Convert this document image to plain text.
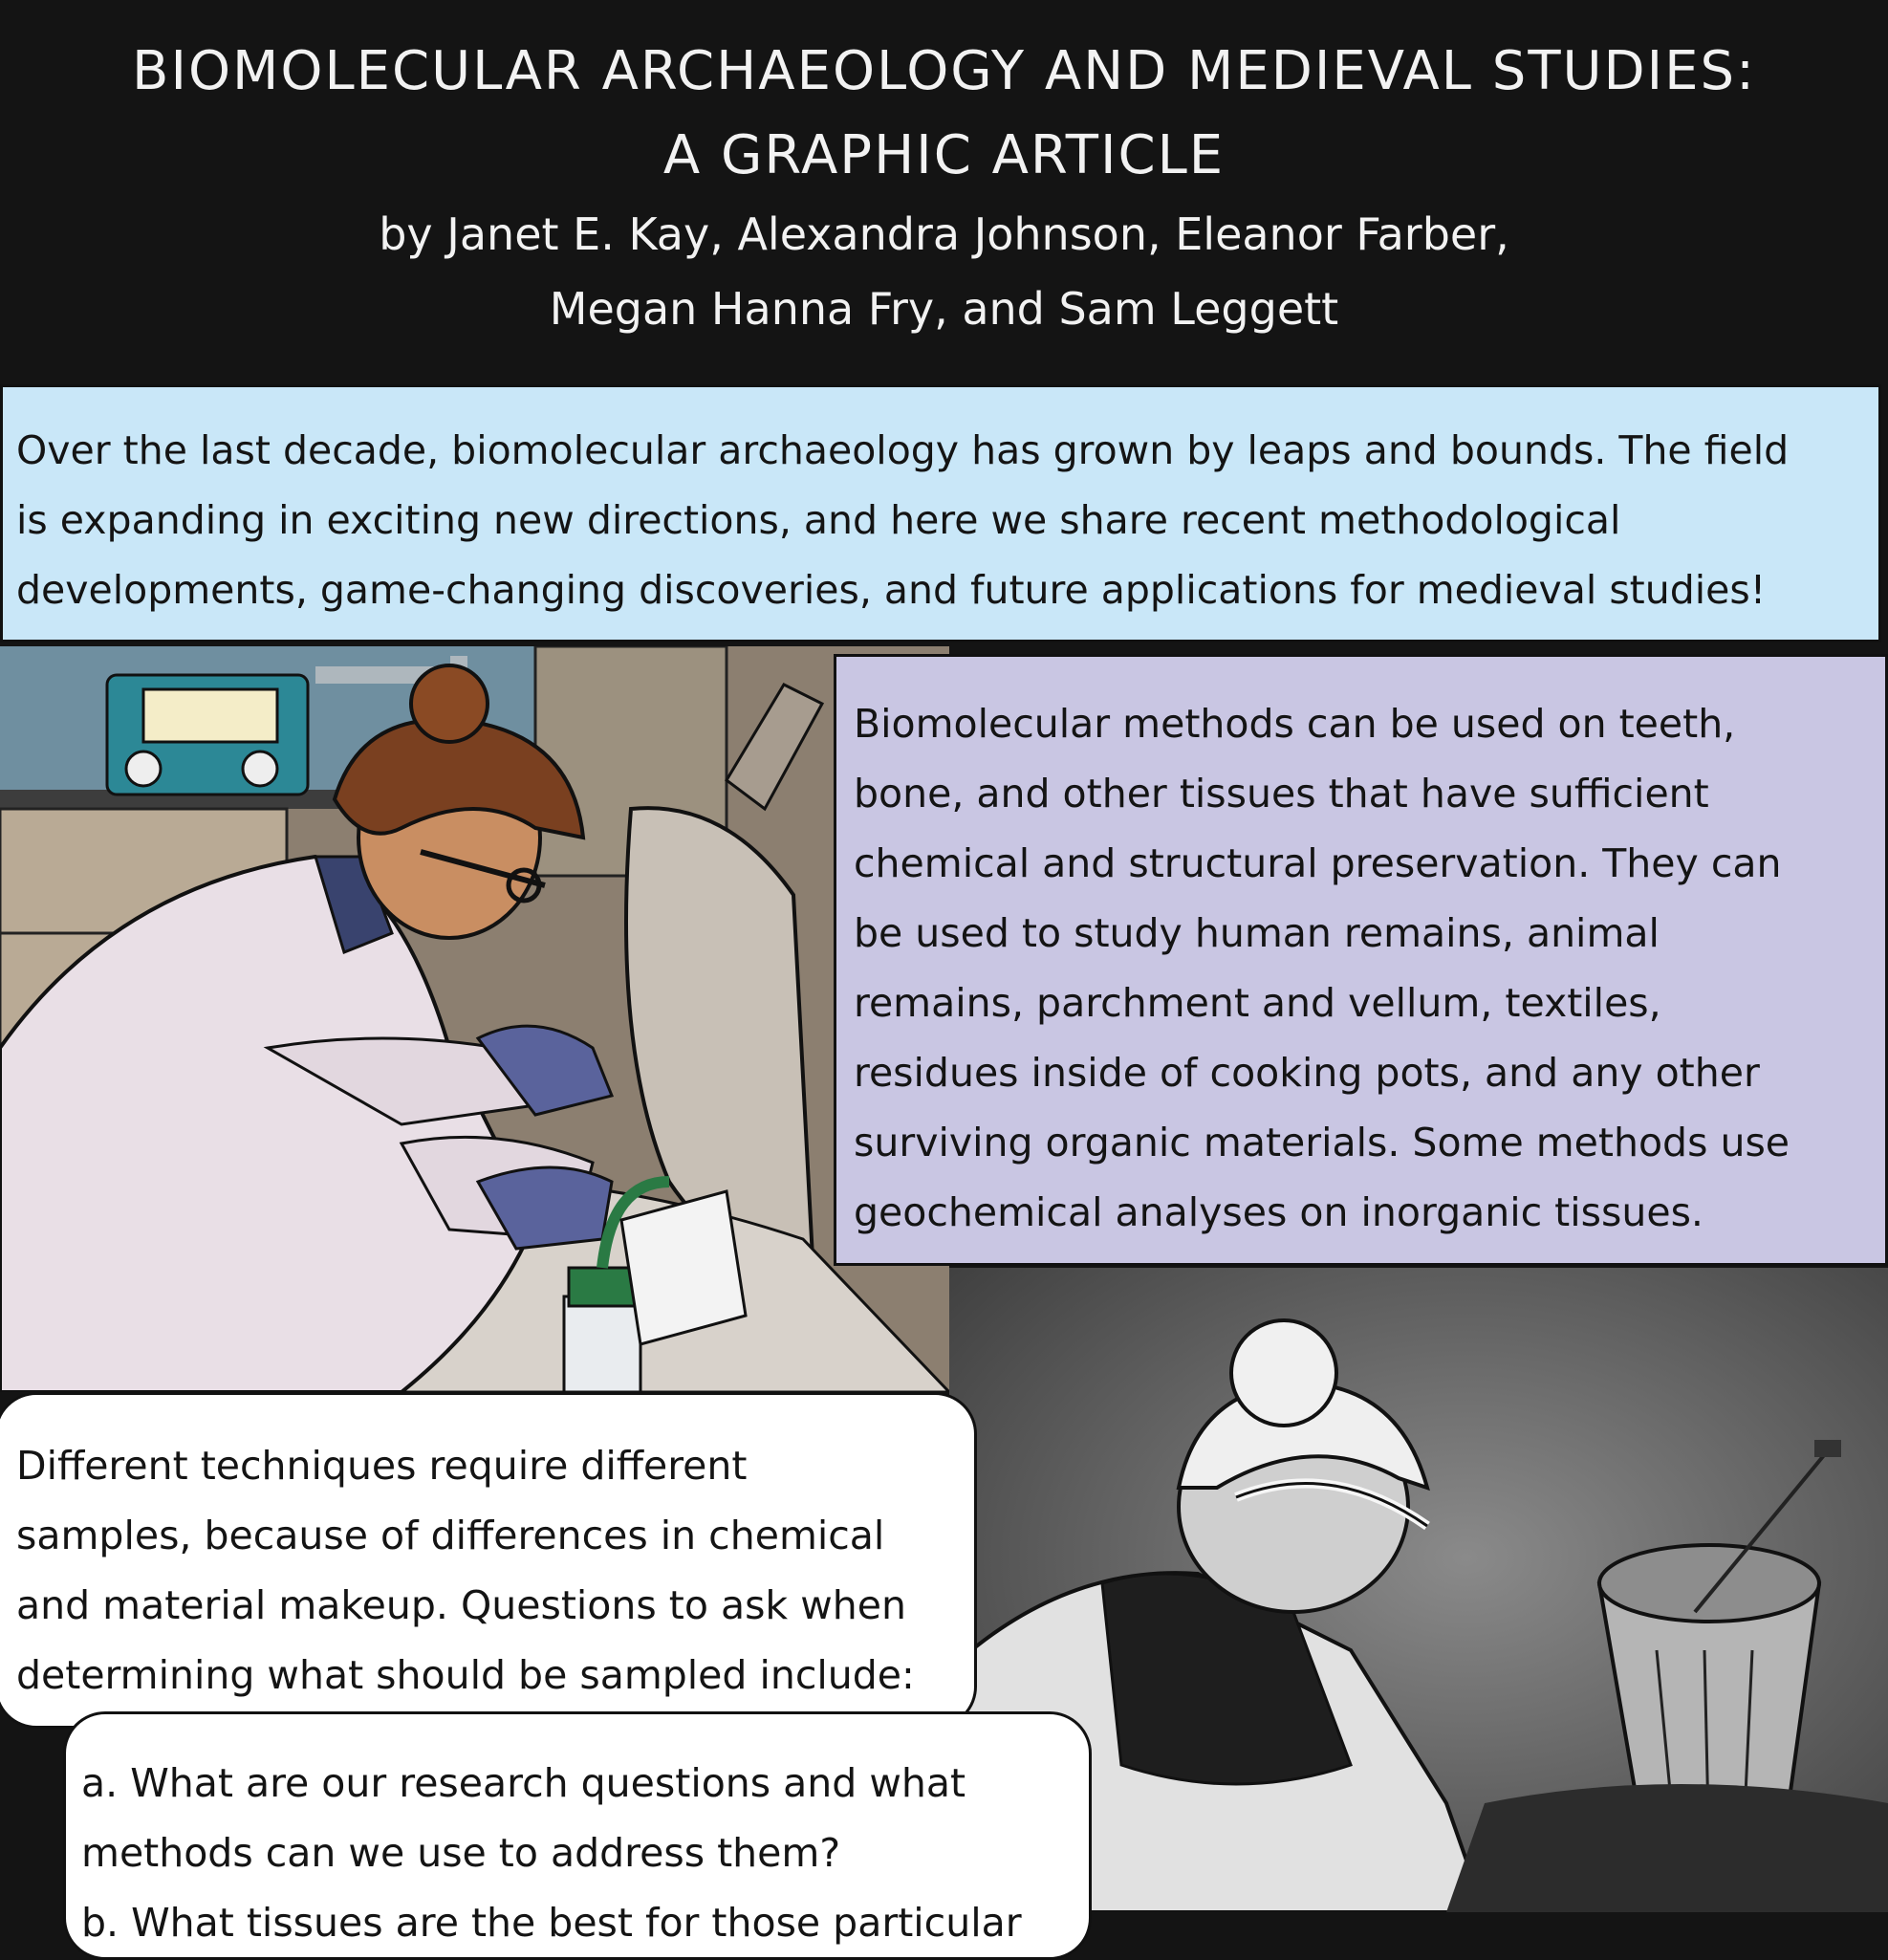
BIOMOLECULAR ARCHAEOLOGY AND MEDIEVAL STUDIES:
A GRAPHIC ARTICLE
by Janet E. Kay, Alexandra Johnson, Eleanor Farber,
Megan Hanna Fry, and Sam Leggett
Over the last decade, biomolecular archaeology has grown by leaps and bounds. The field
is expanding in exciting new directions, and here we share recent methodological
developments, game-changing discoveries, and future applications for medieval studies!
Biomolecular methods can be used on teeth,
bone, and other tissues that have sufficient
chemical and structural preservation. They can
be used to study human remains, animal
remains, parchment and vellum, textiles,
residues inside of cooking pots, and any other
surviving organic materials. Some methods use
geochemical analyses on inorganic tissues.
Different techniques require different
samples, because of differences in chemical
and material makeup. Questions to ask when
determining what should be sampled include:
a. What are our research questions and what
methods can we use to address them?
b. What tissues are the best for those particular
